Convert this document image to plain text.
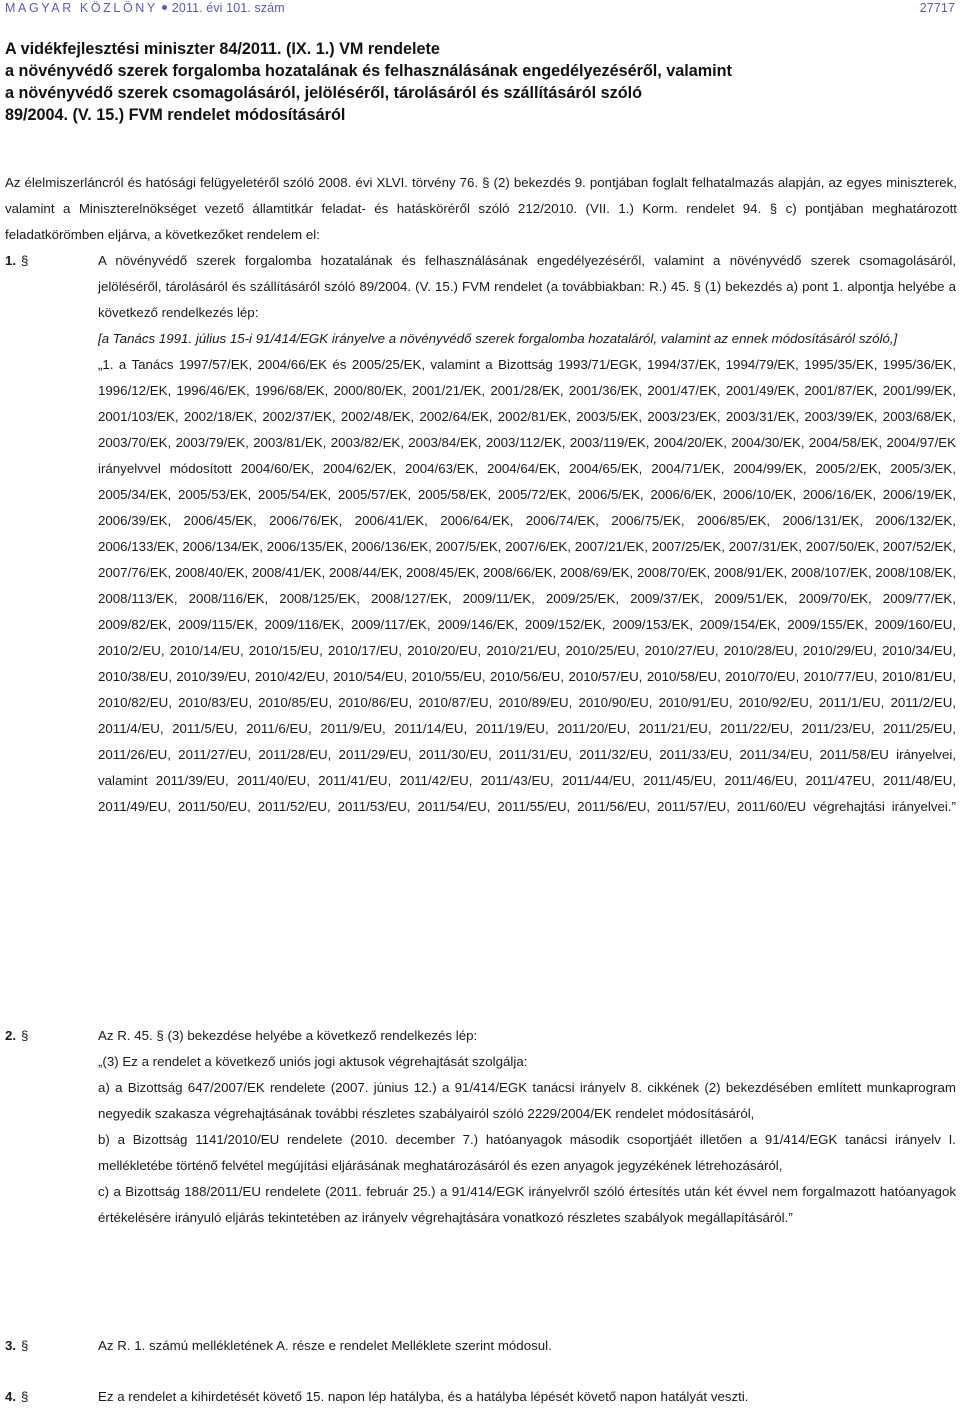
MAGYAR KÖZLÖNY 2011. évi 101. szám	27717
A vidékfejlesztési miniszter 84/2011. (IX. 1.) VM rendelete
a növényvédő szerek forgalomba hozatalának és felhasználásának engedélyezéséről, valamint
a növényvédő szerek csomagolásáról, jelöléséről, tárolásáról és szállításáról szóló
89/2004. (V. 15.) FVM rendelet módosításáról
Az élelmiszerláncról és hatósági felügyeletéről szóló 2008. évi XLVI. törvény 76. § (2) bekezdés 9. pontjában foglalt felhatalmazás alapján, az egyes miniszterek, valamint a Miniszterelnökséget vezető államtitkár feladat- és hatásköréről szóló 212/2010. (VII. 1.) Korm. rendelet 94. § c) pontjában meghatározott feladatkörömben eljárva, a következőket rendelem el:
1. §	A növényvédő szerek forgalomba hozatalának és felhasználásának engedélyezéséről, valamint a növényvédő szerek csomagolásáról, jelöléséről, tárolásáról és szállításáról szóló 89/2004. (V. 15.) FVM rendelet (a továbbiakban: R.) 45. § (1) bekezdés a) pont 1. alpontja helyébe a következő rendelkezés lép:

[a Tanács 1991. július 15-i 91/414/EGK irányelve a növényvédő szerek forgalomba hozataláról, valamint az ennek módosításáról szóló,]

„1. a Tanács 1997/57/EK, 2004/66/EK és 2005/25/EK, valamint a Bizottság 1993/71/EGK, 1994/37/EK, 1994/79/EK, 1995/35/EK, 1995/36/EK, 1996/12/EK, 1996/46/EK, 1996/68/EK, 2000/80/EK, 2001/21/EK, 2001/28/EK, 2001/36/EK, 2001/47/EK, 2001/49/EK, 2001/87/EK, 2001/99/EK, 2001/103/EK, 2002/18/EK, 2002/37/EK, 2002/48/EK, 2002/64/EK, 2002/81/EK, 2003/5/EK, 2003/23/EK, 2003/31/EK, 2003/39/EK, 2003/68/EK, 2003/70/EK, 2003/79/EK, 2003/81/EK, 2003/82/EK, 2003/84/EK, 2003/112/EK, 2003/119/EK, 2004/20/EK, 2004/30/EK, 2004/58/EK, 2004/97/EK irányelvvel módosított 2004/60/EK, 2004/62/EK, 2004/63/EK, 2004/64/EK, 2004/65/EK, 2004/71/EK, 2004/99/EK, 2005/2/EK, 2005/3/EK, 2005/34/EK, 2005/53/EK, 2005/54/EK, 2005/57/EK, 2005/58/EK, 2005/72/EK, 2006/5/EK, 2006/6/EK, 2006/10/EK, 2006/16/EK, 2006/19/EK, 2006/39/EK, 2006/45/EK, 2006/76/EK, 2006/41/EK, 2006/64/EK, 2006/74/EK, 2006/75/EK, 2006/85/EK, 2006/131/EK, 2006/132/EK, 2006/133/EK, 2006/134/EK, 2006/135/EK, 2006/136/EK, 2007/5/EK, 2007/6/EK, 2007/21/EK, 2007/25/EK, 2007/31/EK, 2007/50/EK, 2007/52/EK, 2007/76/EK, 2008/40/EK, 2008/41/EK, 2008/44/EK, 2008/45/EK, 2008/66/EK, 2008/69/EK, 2008/70/EK, 2008/91/EK, 2008/107/EK, 2008/108/EK, 2008/113/EK, 2008/116/EK, 2008/125/EK, 2008/127/EK, 2009/11/EK, 2009/25/EK, 2009/37/EK, 2009/51/EK, 2009/70/EK, 2009/77/EK, 2009/82/EK, 2009/115/EK, 2009/116/EK, 2009/117/EK, 2009/146/EK, 2009/152/EK, 2009/153/EK, 2009/154/EK, 2009/155/EK, 2009/160/EU, 2010/2/EU, 2010/14/EU, 2010/15/EU, 2010/17/EU, 2010/20/EU, 2010/21/EU, 2010/25/EU, 2010/27/EU, 2010/28/EU, 2010/29/EU, 2010/34/EU, 2010/38/EU, 2010/39/EU, 2010/42/EU, 2010/54/EU, 2010/55/EU, 2010/56/EU, 2010/57/EU, 2010/58/EU, 2010/70/EU, 2010/77/EU, 2010/81/EU, 2010/82/EU, 2010/83/EU, 2010/85/EU, 2010/86/EU, 2010/87/EU, 2010/89/EU, 2010/90/EU, 2010/91/EU, 2010/92/EU, 2011/1/EU, 2011/2/EU, 2011/4/EU, 2011/5/EU, 2011/6/EU, 2011/9/EU, 2011/14/EU, 2011/19/EU, 2011/20/EU, 2011/21/EU, 2011/22/EU, 2011/23/EU, 2011/25/EU, 2011/26/EU, 2011/27/EU, 2011/28/EU, 2011/29/EU, 2011/30/EU, 2011/31/EU, 2011/32/EU, 2011/33/EU, 2011/34/EU, 2011/58/EU irányelvei, valamint 2011/39/EU, 2011/40/EU, 2011/41/EU, 2011/42/EU, 2011/43/EU, 2011/44/EU, 2011/45/EU, 2011/46/EU, 2011/47EU, 2011/48/EU, 2011/49/EU, 2011/50/EU, 2011/52/EU, 2011/53/EU, 2011/54/EU, 2011/55/EU, 2011/56/EU, 2011/57/EU, 2011/60/EU végrehajtási irányelvei.”

2. §	Az R. 45. § (3) bekezdése helyébe a következő rendelkezés lép:

„(3) Ez a rendelet a következő uniós jogi aktusok végrehajtását szolgálja:

a) a Bizottság 647/2007/EK rendelete (2007. június 12.) a 91/414/EGK tanácsi irányelv 8. cikkének (2) bekezdésében említett munkaprogram negyedik szakasza végrehajtásának további részletes szabályairól szóló 2229/2004/EK rendelet módosításáról,

b) a Bizottság 1141/2010/EU rendelete (2010. december 7.) hatóanyagok második csoportjáét illetően a 91/414/EGK tanácsi irányelv I. mellékletébe történő felvétel megújítási eljárásának meghatározásáról és ezen anyagok jegyzékének létrehozásáról,

c) a Bizottság 188/2011/EU rendelete (2011. február 25.) a 91/414/EGK irányelvről szóló értesítés után két évvel nem forgalmazott hatóanyagok értékelésére irányuló eljárás tekintetében az irányelv végrehajtására vonatkozó részletes szabályok megállapításáról.”

3. §	Az R. 1. számú mellékletének A. része e rendelet Melléklete szerint módosul.
4. §	Ez a rendelet a kihirdetését követő 15. napon lép hatályba, és a hatályba lépését követő napon hatályát veszti.
